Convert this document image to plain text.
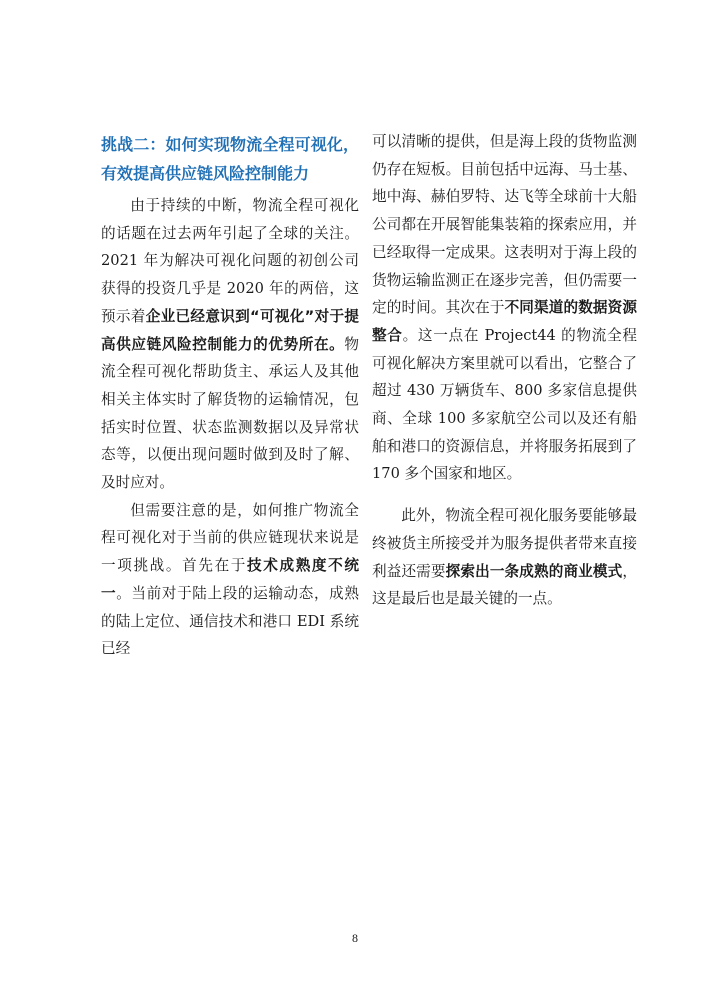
挑战二：如何实现物流全程可视化，有效提高供应链风险控制能力

由于持续的中断，物流全程可视化的话题在过去两年引起了全球的关注。2021 年为解决可视化问题的初创公司获得的投资几乎是 2020 年的两倍，这预示着企业已经意识到“可视化”对于提高供应链风险控制能力的优势所在。物流全程可视化帮助货主、承运人及其他相关主体实时了解货物的运输情况，包括实时位置、状态监测数据以及异常状态等，以便出现问题时做到及时了解、及时应对。

但需要注意的是，如何推广物流全程可视化对于当前的供应链现状来说是一项挑战。首先在于技术成熟度不统一。当前对于陆上段的运输动态，成熟的陆上定位、通信技术和港口 EDI 系统已经

可以清晰的提供，但是海上段的货物监测仍存在短板。目前包括中远海、马士基、地中海、赫伯罗特、达飞等全球前十大船公司都在开展智能集装箱的探索应用，并已经取得一定成果。这表明对于海上段的货物运输监测正在逐步完善，但仍需要一定的时间。其次在于不同渠道的数据资源整合。这一点在 Project44 的物流全程可视化解决方案里就可以看出，它整合了超过 430 万辆货车、800 多家信息提供商、全球 100 多家航空公司以及还有船舶和港口的资源信息，并将服务拓展到了 170 多个国家和地区。

此外，物流全程可视化服务要能够最终被货主所接受并为服务提供者带来直接利益还需要探索出一条成熟的商业模式，这是最后也是最关键的一点。

8
